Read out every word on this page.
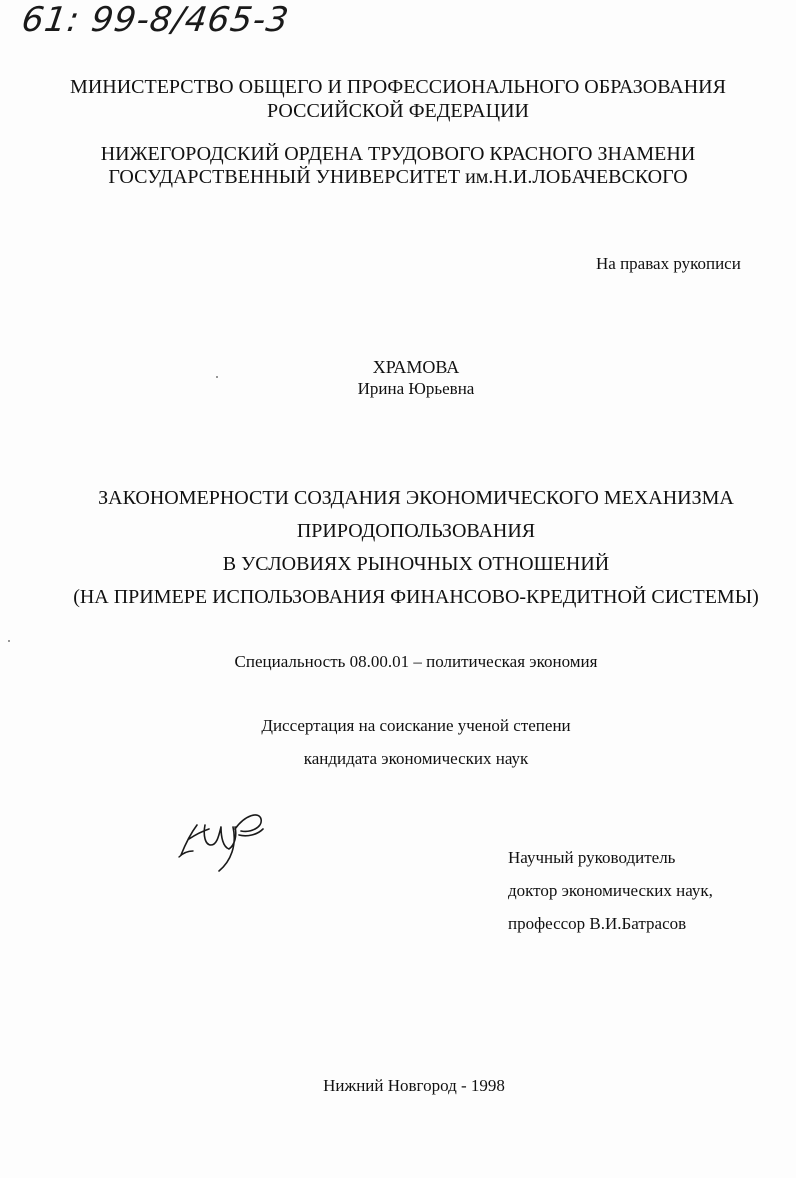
61: 99-8/465-3
МИНИСТЕРСТВО ОБЩЕГО И ПРОФЕССИОНАЛЬНОГО ОБРАЗОВАНИЯ
РОССИЙСКОЙ ФЕДЕРАЦИИ
НИЖЕГОРОДСКИЙ ОРДЕНА ТРУДОВОГО КРАСНОГО ЗНАМЕНИ
ГОСУДАРСТВЕННЫЙ УНИВЕРСИТЕТ им.Н.И.ЛОБАЧЕВСКОГО
На правах рукописи
ХРАМОВА
Ирина Юрьевна
ЗАКОНОМЕРНОСТИ СОЗДАНИЯ ЭКОНОМИЧЕСКОГО МЕХАНИЗМА
ПРИРОДОПОЛЬЗОВАНИЯ
В УСЛОВИЯХ РЫНОЧНЫХ ОТНОШЕНИЙ
(НА ПРИМЕРЕ ИСПОЛЬЗОВАНИЯ ФИНАНСОВО-КРЕДИТНОЙ СИСТЕМЫ)
Специальность 08.00.01 – политическая экономия
Диссертация на соискание ученой степени
кандидата экономических наук
Научный руководитель
доктор экономических наук,
профессор В.И.Батрасов
Нижний Новгород - 1998
